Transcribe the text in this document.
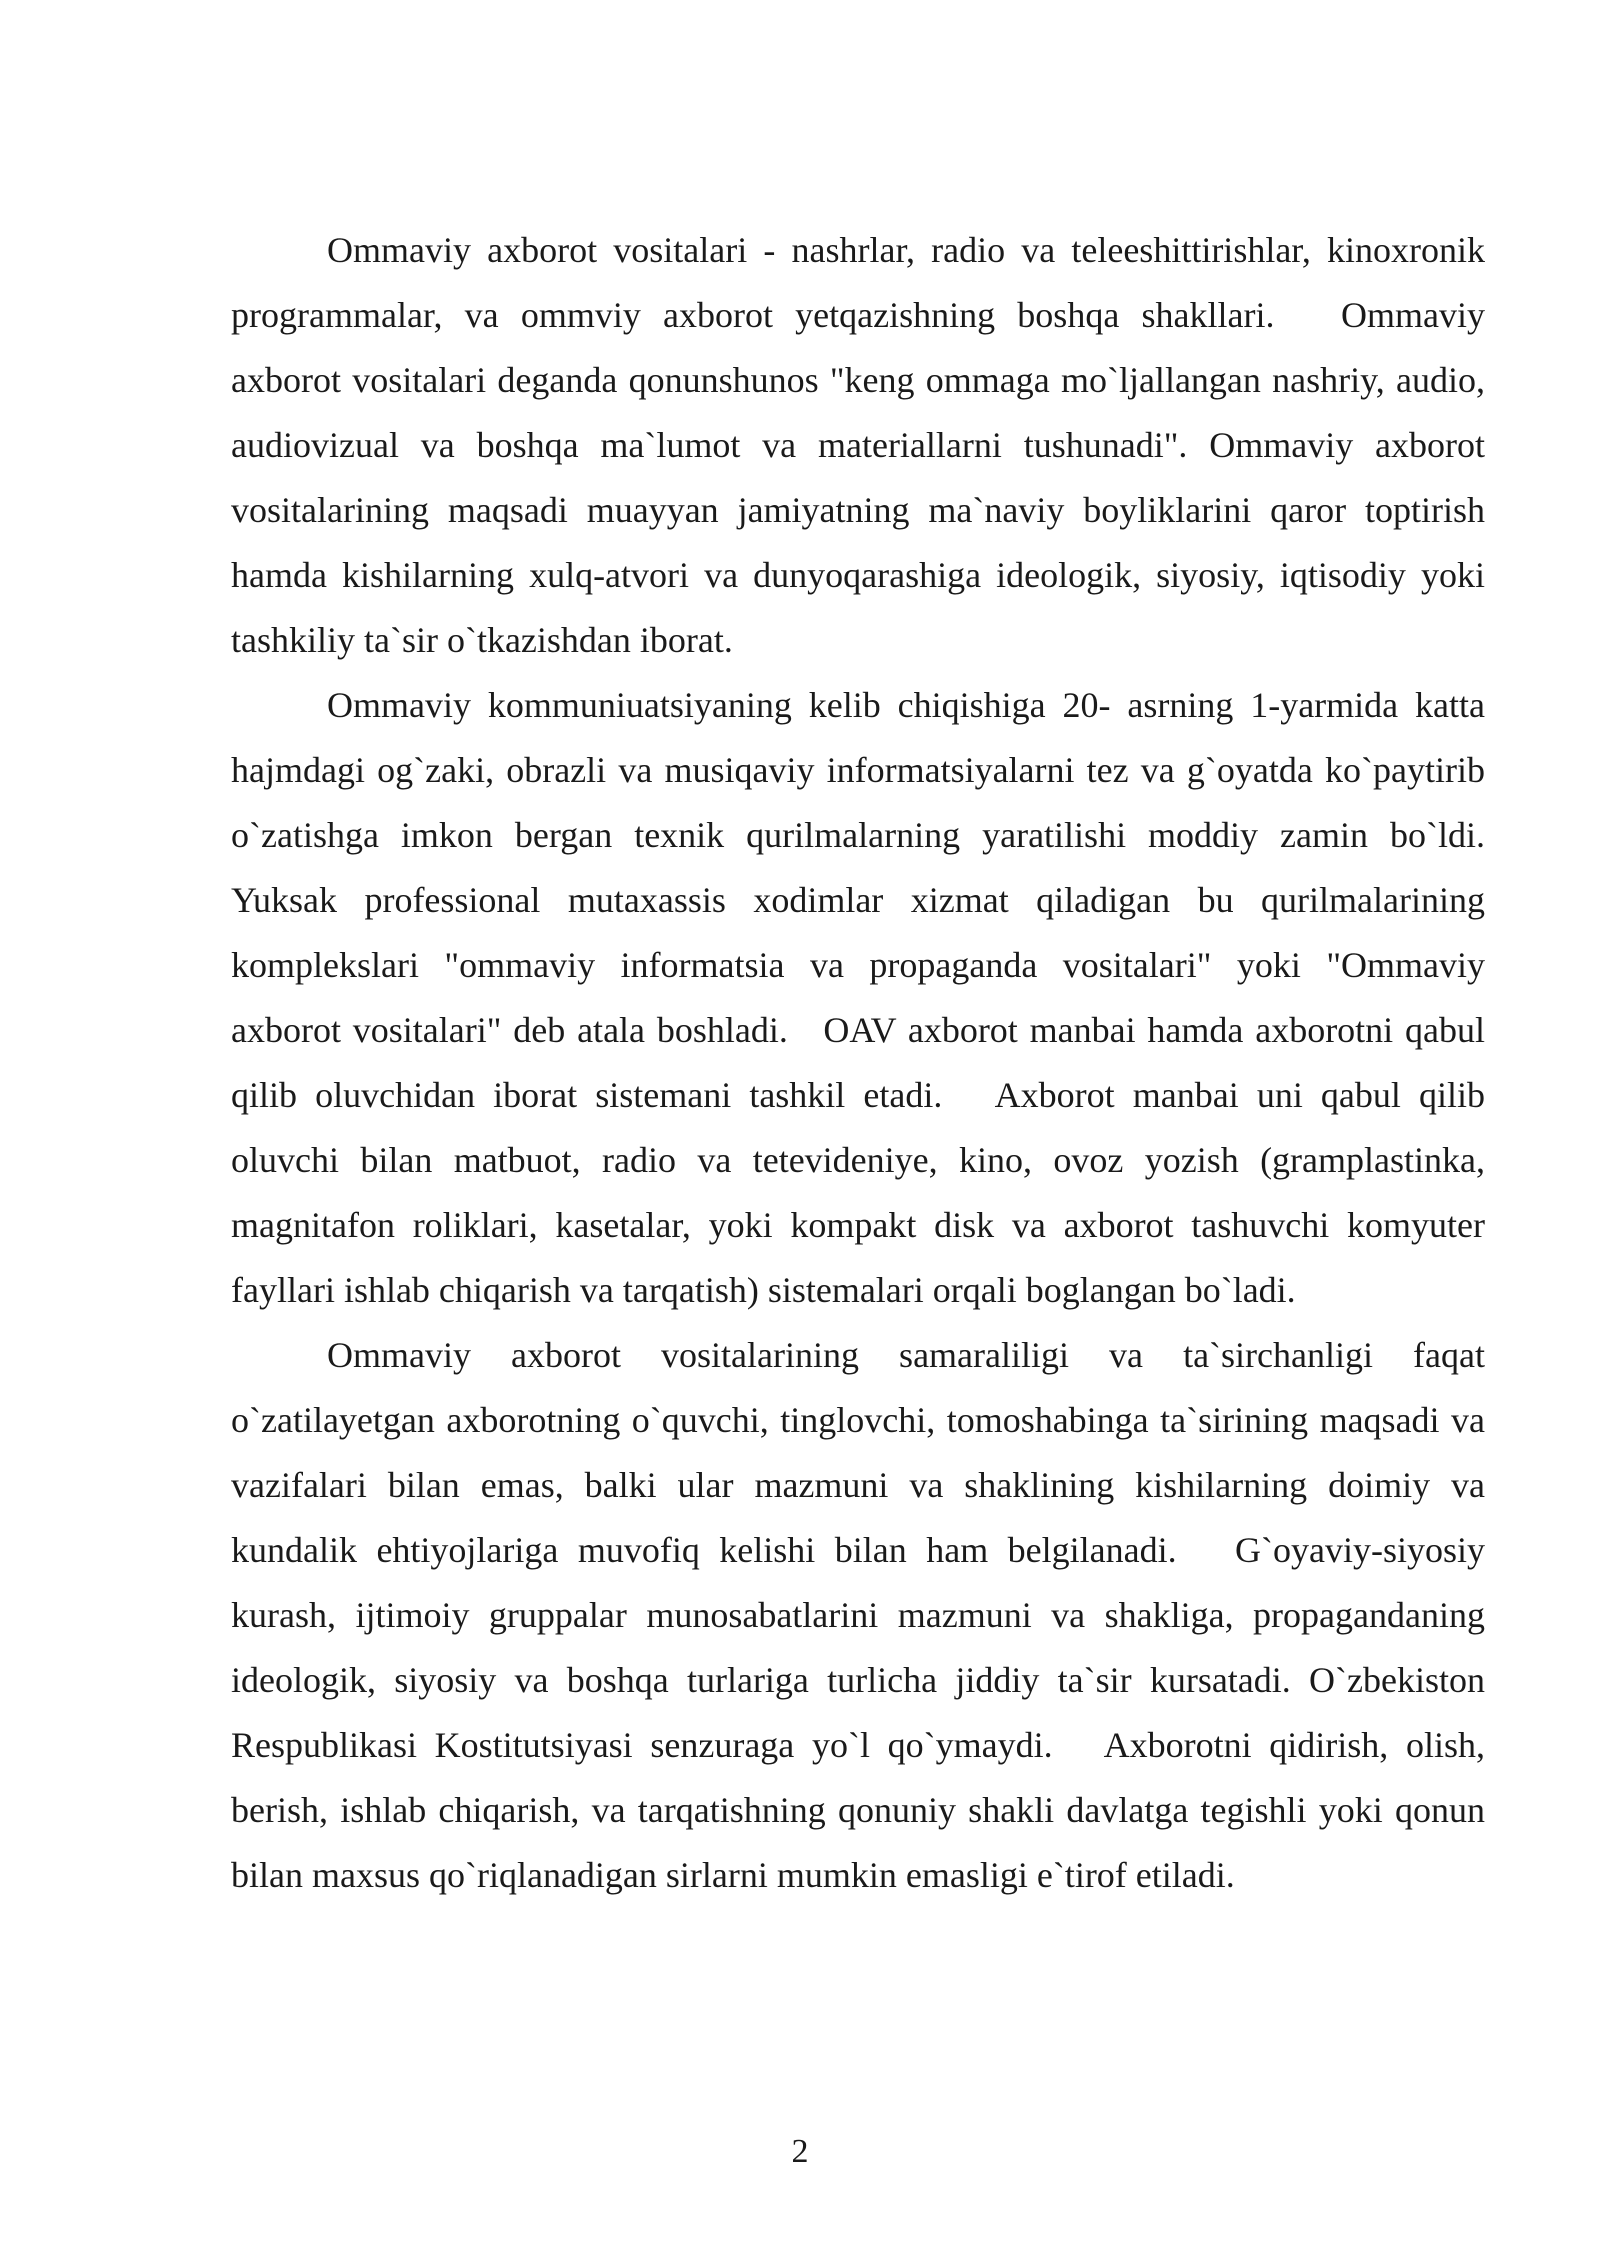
Ommaviy axborot vositalari - nashrlar, radio va teleeshittirishlar, kinoxronik programmalar, va ommviy axborot yetqazishning boshqa shakllari.   Ommaviy axborot vositalari deganda qonunshunos "keng ommaga mo`ljallangan nashriy, audio, audiovizual va boshqa ma`lumot va materiallarni tushunadi". Ommaviy axborot vositalarining maqsadi muayyan jamiyatning ma`naviy boyliklarini qaror toptirish hamda kishilarning xulq-atvori va dunyoqarashiga ideologik, siyosiy, iqtisodiy yoki tashkiliy ta`sir o`tkazishdan iborat.

Ommaviy kommuniuatsiyaning kelib chiqishiga 20- asrning 1-yarmida katta hajmdagi og`zaki, obrazli va musiqaviy informatsiyalarni tez va g`oyatda ko`paytirib o`zatishga imkon bergan texnik qurilmalarning yaratilishi moddiy zamin bo`ldi.   Yuksak professional mutaxassis xodimlar xizmat qiladigan bu qurilmalarining komplekslari "ommaviy informatsia va propaganda vositalari" yoki "Ommaviy axborot vositalari" deb atala boshladi.   OAV axborot manbai hamda axborotni qabul qilib oluvchidan iborat sistemani tashkil etadi.   Axborot manbai uni qabul qilib oluvchi bilan matbuot, radio va tetevideniye, kino, ovoz yozish (gramplastinka, magnitafon roliklari, kasetalar, yoki kompakt disk va axborot tashuvchi komyuter fayllari ishlab chiqarish va tarqatish) sistemalari orqali boglangan bo`ladi.

Ommaviy axborot vositalarining samaraliligi va ta`sirchanligi faqat o`zatilayetgan axborotning o`quvchi, tinglovchi, tomoshabinga ta`sirining maqsadi va vazifalari bilan emas, balki ular mazmuni va shaklining kishilarning doimiy va kundalik ehtiyojlariga muvofiq kelishi bilan ham belgilanadi.   G`oyaviy-siyosiy kurash, ijtimoiy gruppalar munosabatlarini mazmuni va shakliga, propagandaning ideologik, siyosiy va boshqa turlariga turlicha jiddiy ta`sir kursatadi. O`zbekiston Respublikasi Kostitutsiyasi senzuraga yo`l qo`ymaydi.   Axborotni qidirish, olish, berish, ishlab chiqarish, va tarqatishning qonuniy shakli davlatga tegishli yoki qonun bilan maxsus qo`riqlanadigan sirlarni mumkin emasligi e`tirof etiladi.

2
